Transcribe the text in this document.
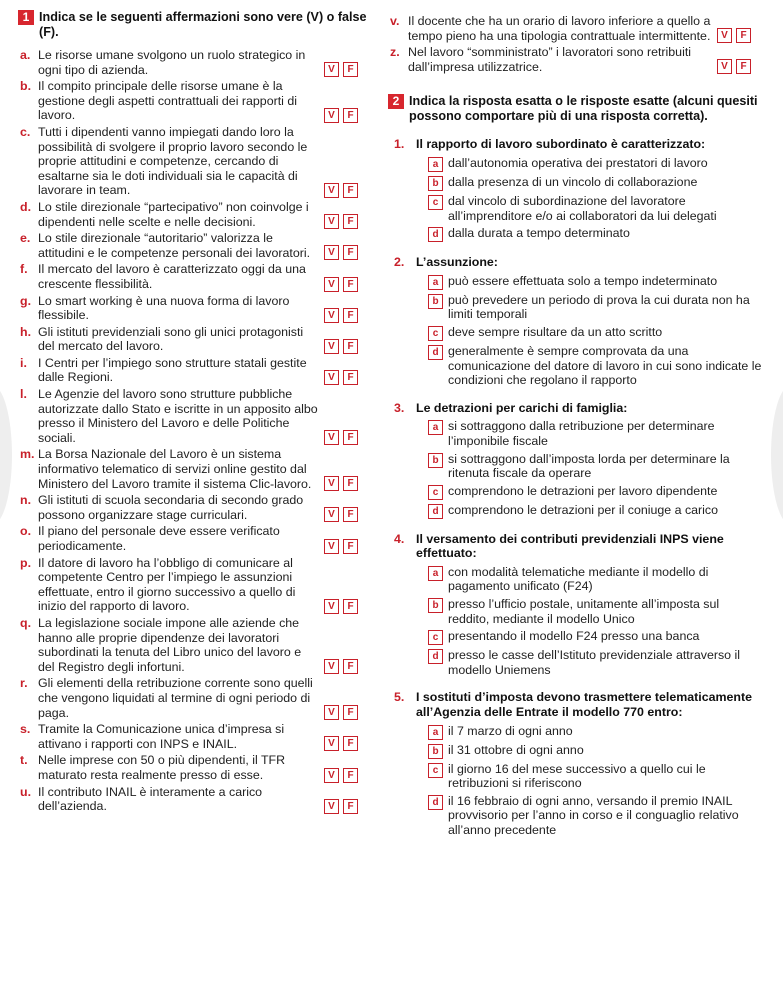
1 Indica se le seguenti affermazioni sono vere (V) o false (F).
a. Le risorse umane svolgono un ruolo strategico in ogni tipo di azienda.	V	F
b. Il compito principale delle risorse umane è la gestione degli aspetti contrattuali dei rapporti di lavoro.	V	F
c. Tutti i dipendenti vanno impiegati dando loro la possibilità di svolgere il proprio lavoro secondo le proprie attitudini e competenze, cercando di esaltarne sia le doti individuali sia le capacità di lavorare in team.	V	F
d. Lo stile direzionale “partecipativo” non coinvolge i dipendenti nelle scelte e nelle decisioni.	V	F
e. Lo stile direzionale “autoritario” valorizza le attitudini e le competenze personali dei lavoratori.	V	F
f. Il mercato del lavoro è caratterizzato oggi da una crescente flessibilità.	V	F
g. Lo smart working è una nuova forma di lavoro flessibile.	V	F
h. Gli istituti previdenziali sono gli unici protagonisti del mercato del lavoro.	V	F
i. I Centri per l’impiego sono strutture statali gestite dalle Regioni.	V	F
l. Le Agenzie del lavoro sono strutture pubbliche autorizzate dallo Stato e iscritte in un apposito albo presso il Ministero del Lavoro e delle Politiche sociali.	V	F
m. La Borsa Nazionale del Lavoro è un sistema informativo telematico di servizi online gestito dal Ministero del Lavoro tramite il sistema Clic-lavoro.	V	F
n. Gli istituti di scuola secondaria di secondo grado possono organizzare stage curriculari.	V	F
o. Il piano del personale deve essere verificato periodicamente.	V	F
p. Il datore di lavoro ha l’obbligo di comunicare al competente Centro per l’impiego le assunzioni effettuate, entro il giorno successivo a quello di inizio del rapporto di lavoro.	V	F
q. La legislazione sociale impone alle aziende che hanno alle proprie dipendenze dei lavoratori subordinati la tenuta del Libro unico del lavoro e del Registro degli infortuni.	V	F
r. Gli elementi della retribuzione corrente sono quelli che vengono liquidati al termine di ogni periodo di paga.	V	F
s. Tramite la Comunicazione unica d’impresa si attivano i rapporti con INPS e INAIL.	V	F
t. Nelle imprese con 50 o più dipendenti, il TFR maturato resta realmente presso di esse.	V	F
u. Il contributo INAIL è interamente a carico dell’azienda.	V	F
v. Il docente che ha un orario di lavoro inferiore a quello a tempo pieno ha una tipologia contrattuale intermittente.	V	F
z. Nel lavoro “somministrato” i lavoratori sono retribuiti dall’impresa utilizzatrice.	V	F
2 Indica la risposta esatta o le risposte esatte (alcuni quesiti possono comportare più di una risposta corretta).
1. Il rapporto di lavoro subordinato è caratterizzato:
a dall’autonomia operativa dei prestatori di lavoro
b dalla presenza di un vincolo di collaborazione
c dal vincolo di subordinazione del lavoratore all’imprenditore e/o ai collaboratori da lui delegati
d dalla durata a tempo determinato
2. L’assunzione:
a può essere effettuata solo a tempo indeterminato
b può prevedere un periodo di prova la cui durata non ha limiti temporali
c deve sempre risultare da un atto scritto
d generalmente è sempre comprovata da una comunicazione del datore di lavoro in cui sono indicate le condizioni che regolano il rapporto
3. Le detrazioni per carichi di famiglia:
a si sottraggono dalla retribuzione per determinare l’imponibile fiscale
b si sottraggono dall’imposta lorda per determinare la ritenuta fiscale da operare
c comprendono le detrazioni per lavoro dipendente
d comprendono le detrazioni per il coniuge a carico
4. Il versamento dei contributi previdenziali INPS viene effettuato:
a con modalità telematiche mediante il modello di pagamento unificato (F24)
b presso l’ufficio postale, unitamente all’imposta sul reddito, mediante il modello Unico
c presentando il modello F24 presso una banca
d presso le casse dell’Istituto previdenziale attraverso il modello Uniemens
5. I sostituti d’imposta devono trasmettere telematicamente all’Agenzia delle Entrate il modello 770 entro:
a il 7 marzo di ogni anno
b il 31 ottobre di ogni anno
c il giorno 16 del mese successivo a quello cui le retribuzioni si riferiscono
d il 16 febbraio di ogni anno, versando il premio INAIL provvisorio per l’anno in corso e il conguaglio relativo all’anno precedente
